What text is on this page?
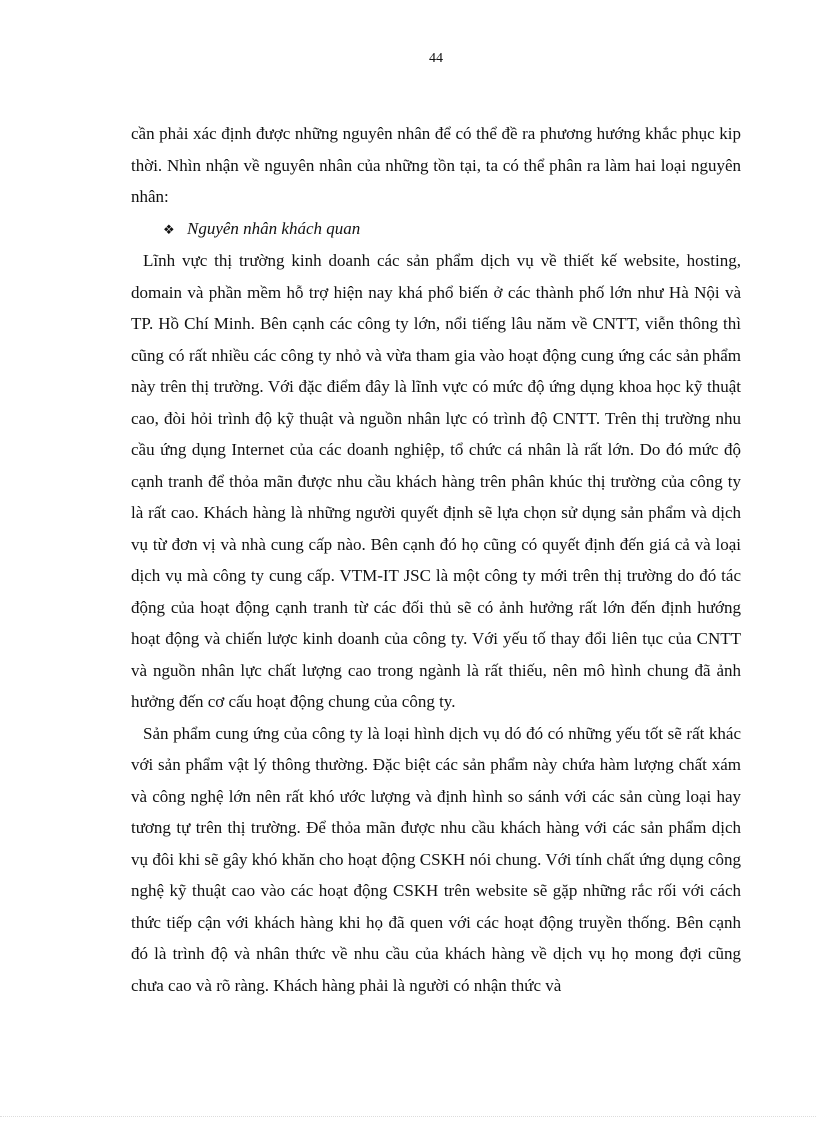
44

cần phải xác định được những nguyên nhân để có thể đề ra phương hướng khắc phục kip thời. Nhìn nhận về nguyên nhân của những tồn tại, ta có thể phân ra làm hai loại nguyên nhân:

❖ Nguyên nhân khách quan

Lĩnh vực thị trường kinh doanh các sản phẩm dịch vụ về thiết kế website, hosting, domain và phần mềm hỗ trợ hiện nay khá phổ biến ở các thành phố lớn như Hà Nội và TP. Hồ Chí Minh. Bên cạnh các công ty lớn, nổi tiếng lâu năm về CNTT, viễn thông thì cũng có rất nhiều các công ty nhỏ và vừa tham gia vào hoạt động cung ứng các sản phẩm này trên thị trường. Với đặc điểm đây là lĩnh vực có mức độ ứng dụng khoa học kỹ thuật cao, đòi hỏi trình độ kỹ thuật và nguồn nhân lực có trình độ CNTT. Trên thị trường nhu cầu ứng dụng Internet của các doanh nghiệp, tổ chức cá nhân là rất lớn. Do đó mức độ cạnh tranh để thỏa mãn được nhu cầu khách hàng trên phân khúc thị trường của công ty là rất cao. Khách hàng là những người quyết định sẽ lựa chọn sử dụng sản phẩm và dịch vụ từ đơn vị và nhà cung cấp nào. Bên cạnh đó họ cũng có quyết định đến giá cả và loại dịch vụ mà công ty cung cấp. VTM-IT JSC là một công ty mới trên thị trường do đó tác động của hoạt động cạnh tranh từ các đối thủ sẽ có ảnh hưởng rất lớn đến định hướng hoạt động và chiến lược kinh doanh của công ty. Với yếu tố thay đổi liên tục của CNTT và nguồn nhân lực chất lượng cao trong ngành là rất thiếu, nên mô hình chung đã ảnh hưởng đến cơ cấu hoạt động chung của công ty.

Sản phẩm cung ứng của công ty là loại hình dịch vụ dó đó có những yếu tốt sẽ rất khác với sản phẩm vật lý thông thường. Đặc biệt các sản phẩm này chứa hàm lượng chất xám và công nghệ lớn nên rất khó ước lượng và định hình so sánh với các sản cùng loại hay tương tự trên thị trường. Để thỏa mãn được nhu cầu khách hàng với các sản phẩm dịch vụ đôi khi sẽ gây khó khăn cho hoạt động CSKH nói chung. Với tính chất ứng dụng công nghệ kỹ thuật cao vào các hoạt động CSKH trên website sẽ gặp những rắc rối với cách thức tiếp cận với khách hàng khi họ đã quen với các hoạt động truyền thống. Bên cạnh đó là trình độ và nhân thức về nhu cầu của khách hàng về dịch vụ họ mong đợi cũng chưa cao và rõ ràng. Khách hàng phải là người có nhận thức và
